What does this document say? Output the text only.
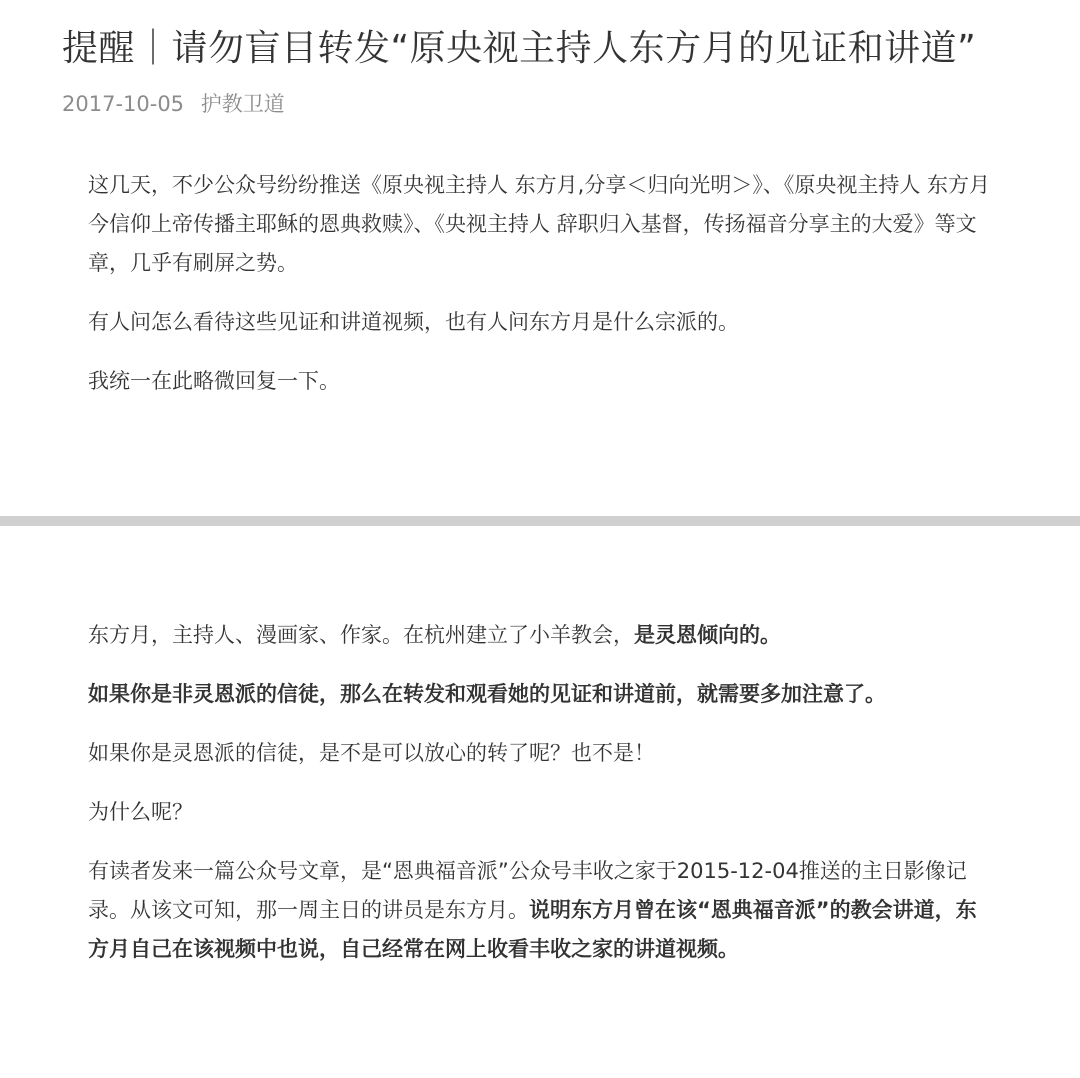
提醒｜请勿盲目转发“原央视主持人东方月的见证和讲道”
2017-10-05 护教卫道

这几天，不少公众号纷纷推送《原央视主持人 东方月,分享＜归向光明＞》、《原央视主持人 东方月今信仰上帝传播主耶稣的恩典救赎》、《央视主持人 辞职归入基督，传扬福音分享主的大爱》等文章，几乎有刷屏之势。

有人问怎么看待这些见证和讲道视频，也有人问东方月是什么宗派的。

我统一在此略微回复一下。

东方月，主持人、漫画家、作家。在杭州建立了小羊教会，是灵恩倾向的。

如果你是非灵恩派的信徒，那么在转发和观看她的见证和讲道前，就需要多加注意了。

如果你是灵恩派的信徒，是不是可以放心的转了呢？也不是！

为什么呢？

有读者发来一篇公众号文章，是“恩典福音派”公众号丰收之家于2015-12-04推送的主日影像记录。从该文可知，那一周主日的讲员是东方月。说明东方月曾在该“恩典福音派”的教会讲道，东方月自己在该视频中也说，自己经常在网上收看丰收之家的讲道视频。
